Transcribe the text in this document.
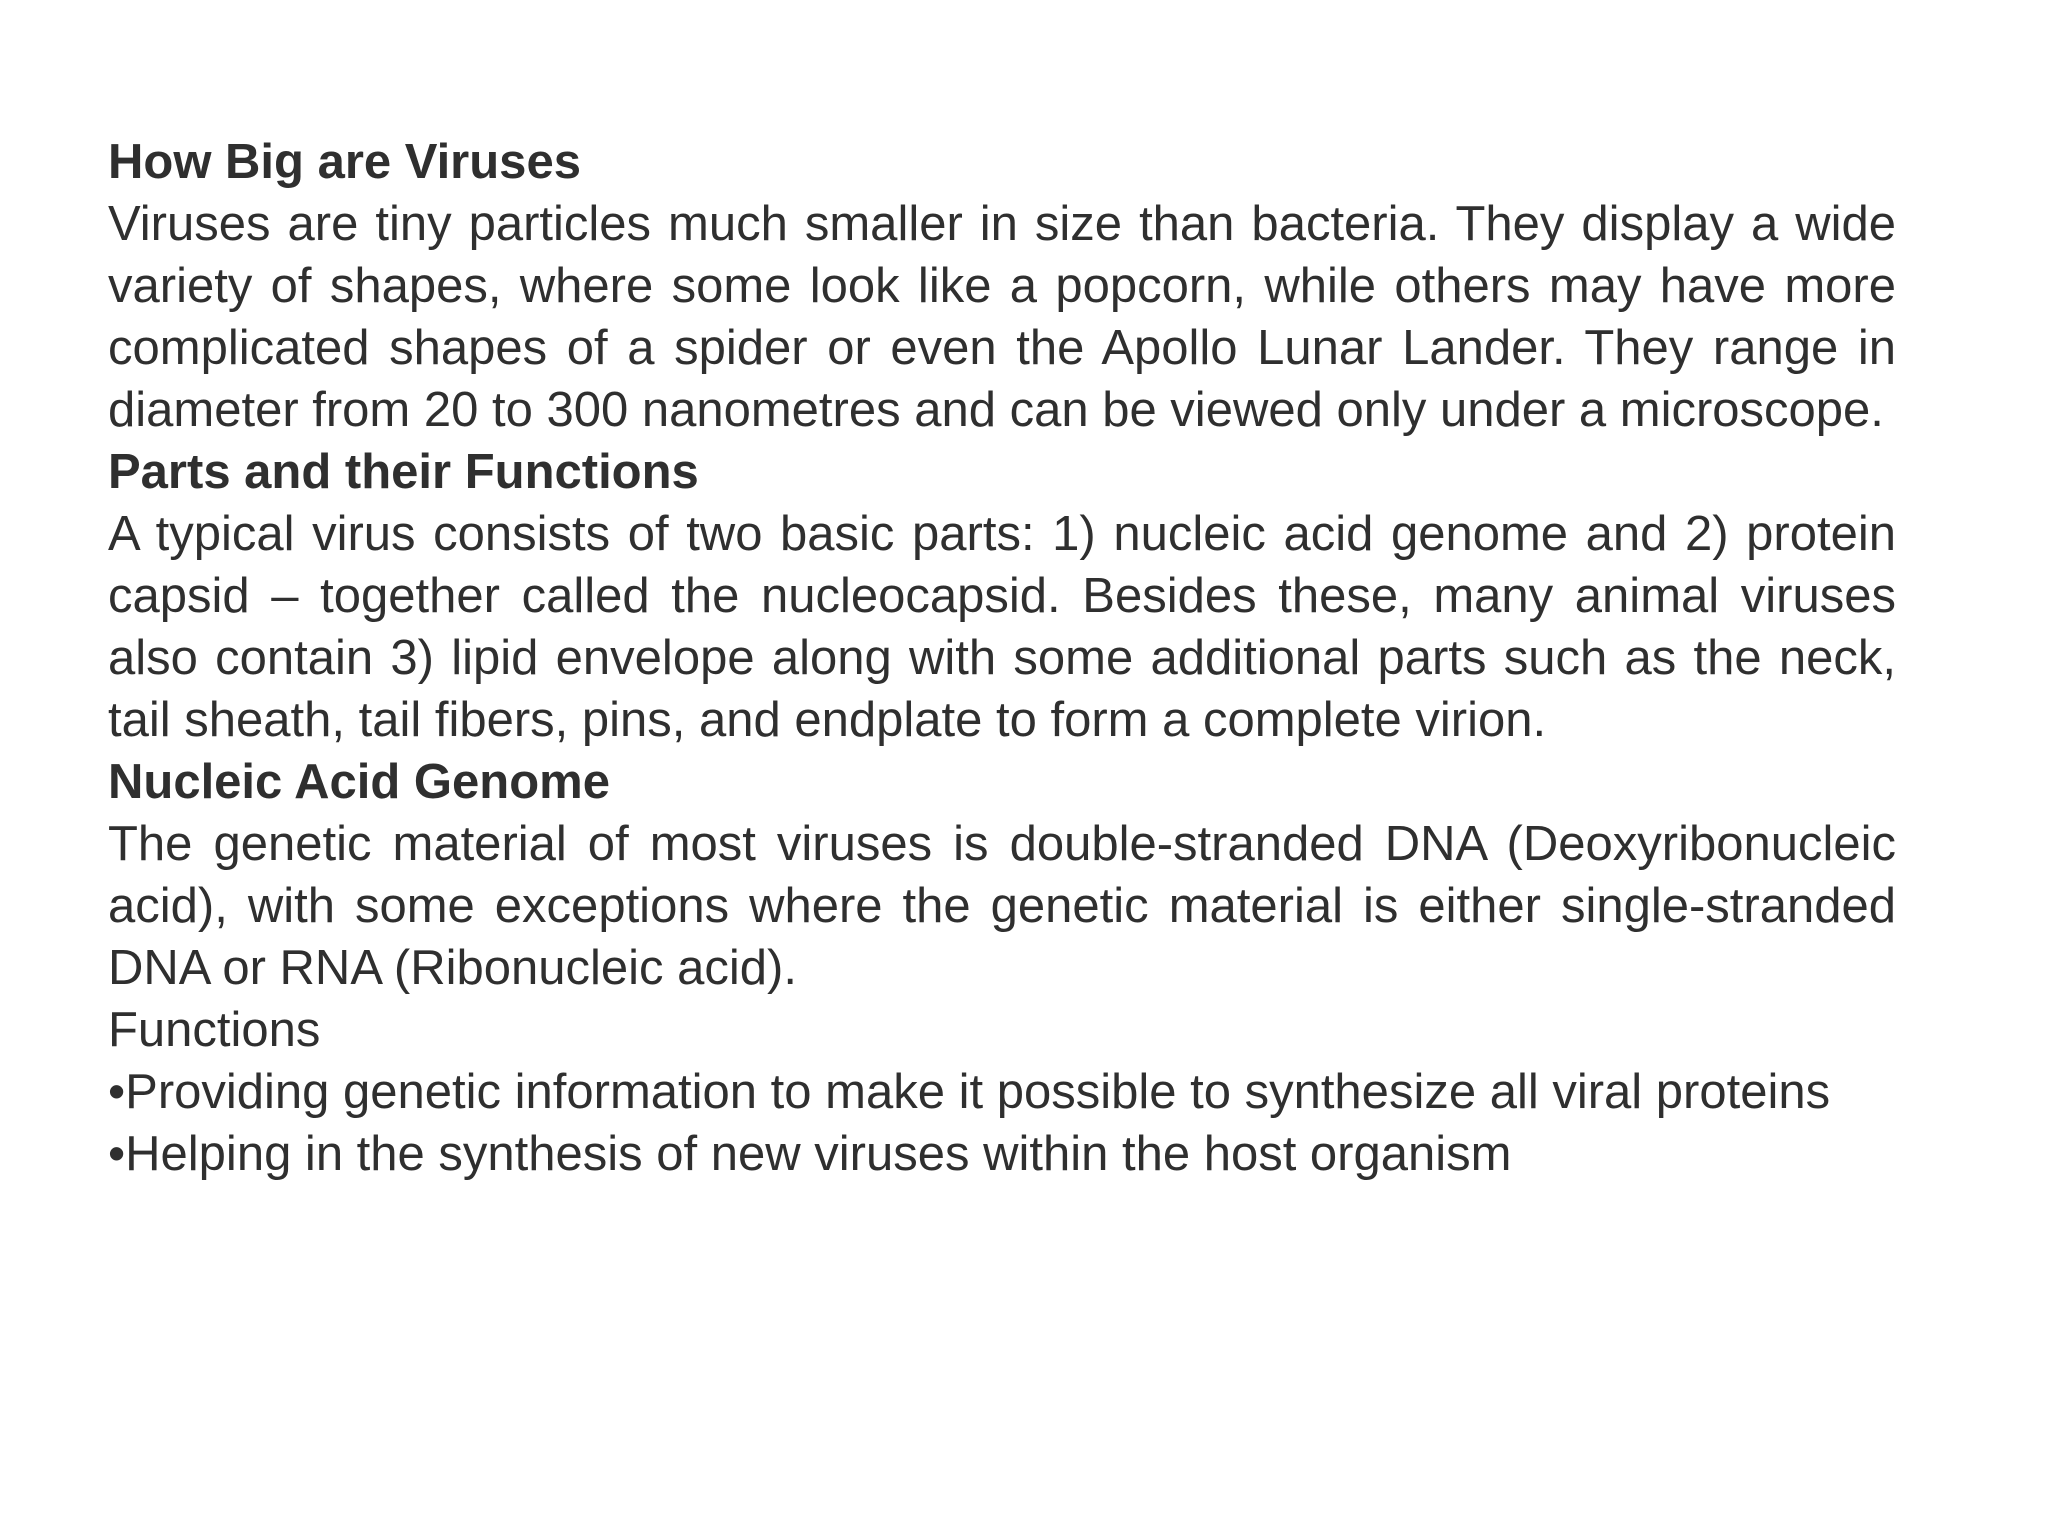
How Big are Viruses

Viruses are tiny particles much smaller in size than bacteria. They display a wide variety of shapes, where some look like a popcorn, while others may have more complicated shapes of a spider or even the Apollo Lunar Lander. They range in diameter from 20 to 300 nanometres and can be viewed only under a microscope.

Parts and their Functions

A typical virus consists of two basic parts: 1) nucleic acid genome and 2) protein capsid – together called the nucleocapsid. Besides these, many animal viruses also contain 3) lipid envelope along with some additional parts such as the neck, tail sheath, tail fibers, pins, and endplate to form a complete virion.

Nucleic Acid Genome

The genetic material of most viruses is double-stranded DNA (Deoxyribonucleic acid), with some exceptions where the genetic material is either single-stranded DNA or RNA (Ribonucleic acid).

Functions

•Providing genetic information to make it possible to synthesize all viral proteins

•Helping in the synthesis of new viruses within the host organism
